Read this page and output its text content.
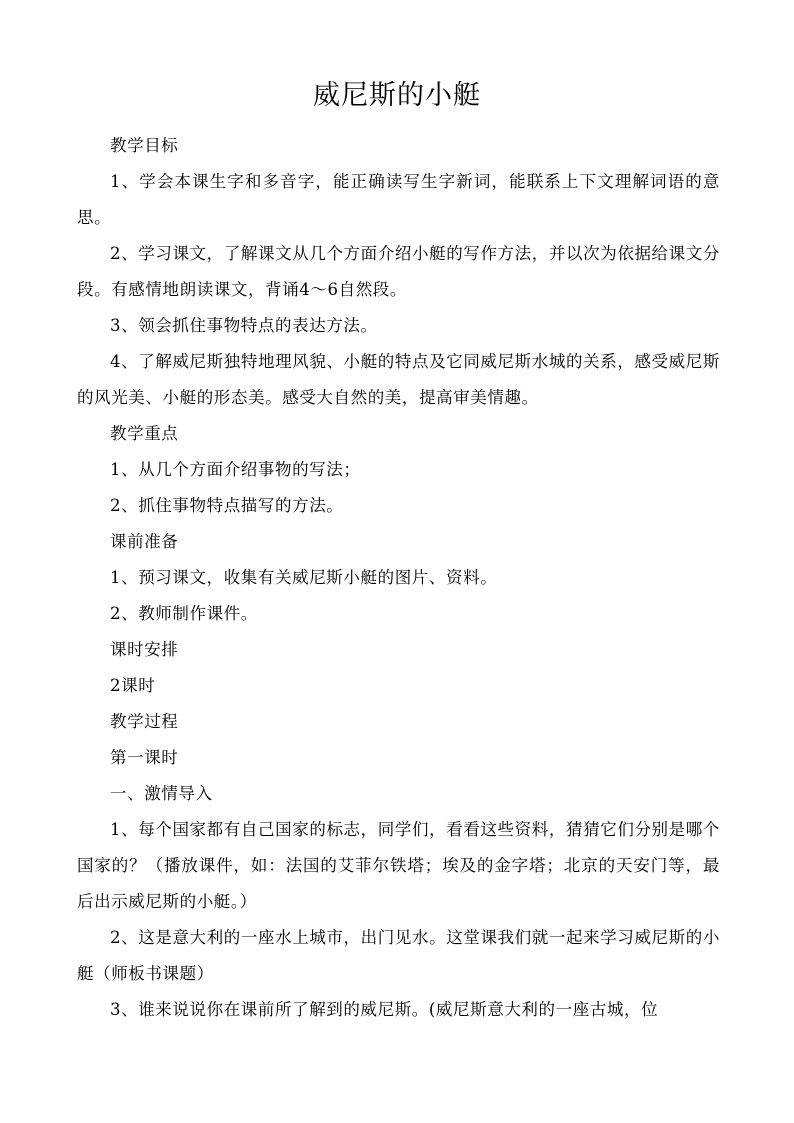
威尼斯的小艇

教学目标

1、学会本课生字和多音字，能正确读写生字新词，能联系上下文理解词语的意思。

2、学习课文，了解课文从几个方面介绍小艇的写作方法，并以次为依据给课文分段。有感情地朗读课文，背诵4～6自然段。

3、领会抓住事物特点的表达方法。

4、了解威尼斯独特地理风貌、小艇的特点及它同威尼斯水城的关系，感受威尼斯的风光美、小艇的形态美。感受大自然的美，提高审美情趣。

教学重点

1、从几个方面介绍事物的写法；

2、抓住事物特点描写的方法。

课前准备

1、预习课文，收集有关威尼斯小艇的图片、资料。

2、教师制作课件。

课时安排

2课时

教学过程

第一课时

一、激情导入

1、每个国家都有自己国家的标志，同学们，看看这些资料，猜猜它们分别是哪个国家的？（播放课件，如：法国的艾菲尔铁塔；埃及的金字塔；北京的天安门等，最后出示威尼斯的小艇。）

2、这是意大利的一座水上城市，出门见水。这堂课我们就一起来学习威尼斯的小艇（师板书课题）

3、谁来说说你在课前所了解到的威尼斯。(威尼斯意大利的一座古城，位
